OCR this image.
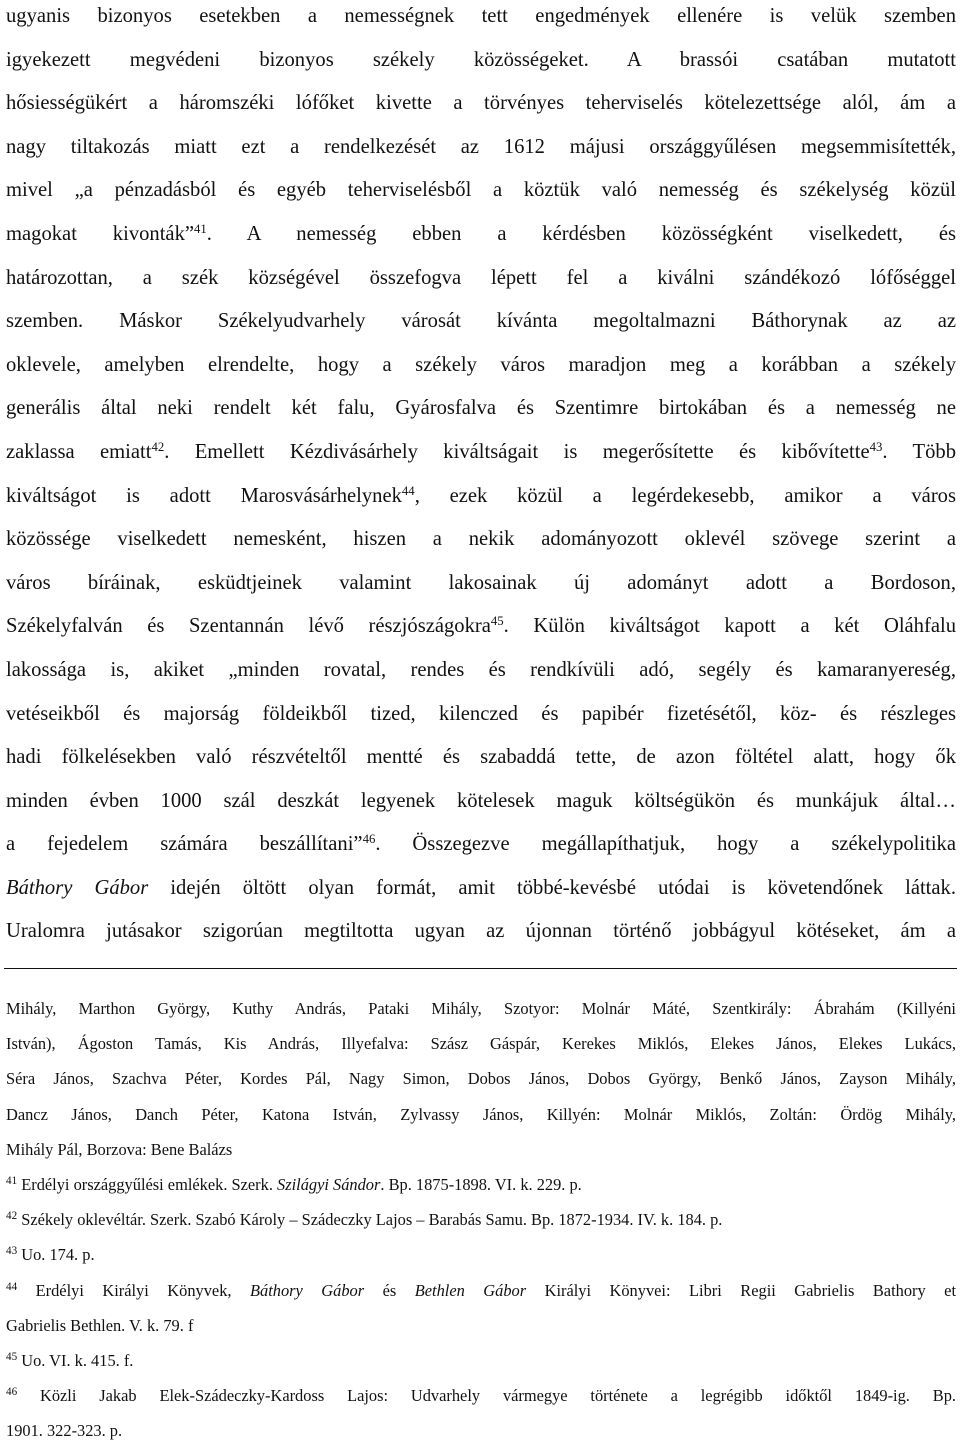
ugyanis bizonyos esetekben a nemességnek tett engedmények ellenére is velük szemben
igyekezett megvédeni bizonyos székely közösségeket. A brassói csatában mutatott
hősiességükért a háromszéki lófőket kivette a törvényes teherviselés kötelezettsége alól, ám a
nagy tiltakozás miatt ezt a rendelkezését az 1612 májusi országgyűlésen megsemmisítették,
mivel „a pénzadásból és egyéb teherviselésből a köztük való nemesség és székelység közül
magokat kivonták”$^{41}$. A nemesség ebben a kérdésben közösségként viselkedett, és
határozottan, a szék községével összefogva lépett fel a kiválni szándékozó lófőséggel
szemben. Máskor Székelyudvarhely városát kívánta megoltalmazni Báthorynak az az
oklevele, amelyben elrendelte, hogy a székely város maradjon meg a korábban a székely
generális által neki rendelt két falu, Gyárosfalva és Szentimre birtokában és a nemesség ne
zaklassa emiatt$^{42}$. Emellett Kézdivásárhely kiváltságait is megerősítette és kibővítette$^{43}$. Több
kiváltságot is adott Marosvásárhelynek$^{44}$, ezek közül a legérdekesebb, amikor a város
közössége viselkedett nemesként, hiszen a nekik adományozott oklevél szövege szerint a
város bíráinak, esküdtjeinek valamint lakosainak új adományt adott a Bordoson,
Székelyfalván és Szentannán lévő részjószágokra$^{45}$. Külön kiváltságot kapott a két Oláhfalu
lakossága is, akiket „minden rovatal, rendes és rendkívüli adó, segély és kamaranyereség,
vetéseikből és majorság földeikből tized, kilenczed és papibér fizetésétől, köz- és részleges
hadi fölkelésekben való részvételtől mentté és szabaddá tette, de azon föltétel alatt, hogy ők
minden évben 1000 szál deszkát legyenek kötelesek maguk költségükön és munkájuk által…
a fejedelem számára beszállítani”$^{46}$. Összegezve megállapíthatjuk, hogy a székelypolitika
Báthory Gábor idején öltött olyan formát, amit többé-kevésbé utódai is követendőnek láttak.
Uralomra jutásakor szigorúan megtiltotta ugyan az újonnan történő jobbágyul kötéseket, ám a
Mihály, Marthon György, Kuthy András, Pataki Mihály, Szotyor: Molnár Máté, Szentkirály: Ábrahám (Killyéni
István), Ágoston Tamás, Kis András, Illyefalva: Szász Gáspár, Kerekes Miklós, Elekes János, Elekes Lukács,
Séra János, Szachva Péter, Kordes Pál, Nagy Simon, Dobos János, Dobos György, Benkő János, Zayson Mihály,
Dancz János, Danch Péter, Katona István, Zylvassy János, Killyén: Molnár Miklós, Zoltán: Ördög Mihály,
Mihály Pál, Borzova: Bene Balázs
$^{41}$ Erdélyi országgyűlési emlékek. Szerk. Szilágyi Sándor. Bp. 1875-1898. VI. k. 229. p.
$^{42}$ Székely oklevéltár. Szerk. Szabó Károly – Szádeczky Lajos – Barabás Samu. Bp. 1872-1934. IV. k. 184. p.
$^{43}$ Uo. 174. p.
$^{44}$ Erdélyi Királyi Könyvek, Báthory Gábor és Bethlen Gábor Királyi Könyvei: Libri Regii Gabrielis Bathory et
Gabrielis Bethlen. V. k. 79. f
$^{45}$ Uo. VI. k. 415. f.
$^{46}$ Közli Jakab Elek-Szádeczky-Kardoss Lajos: Udvarhely vármegye története a legrégibb időktől 1849-ig. Bp.
1901. 322-323. p.
